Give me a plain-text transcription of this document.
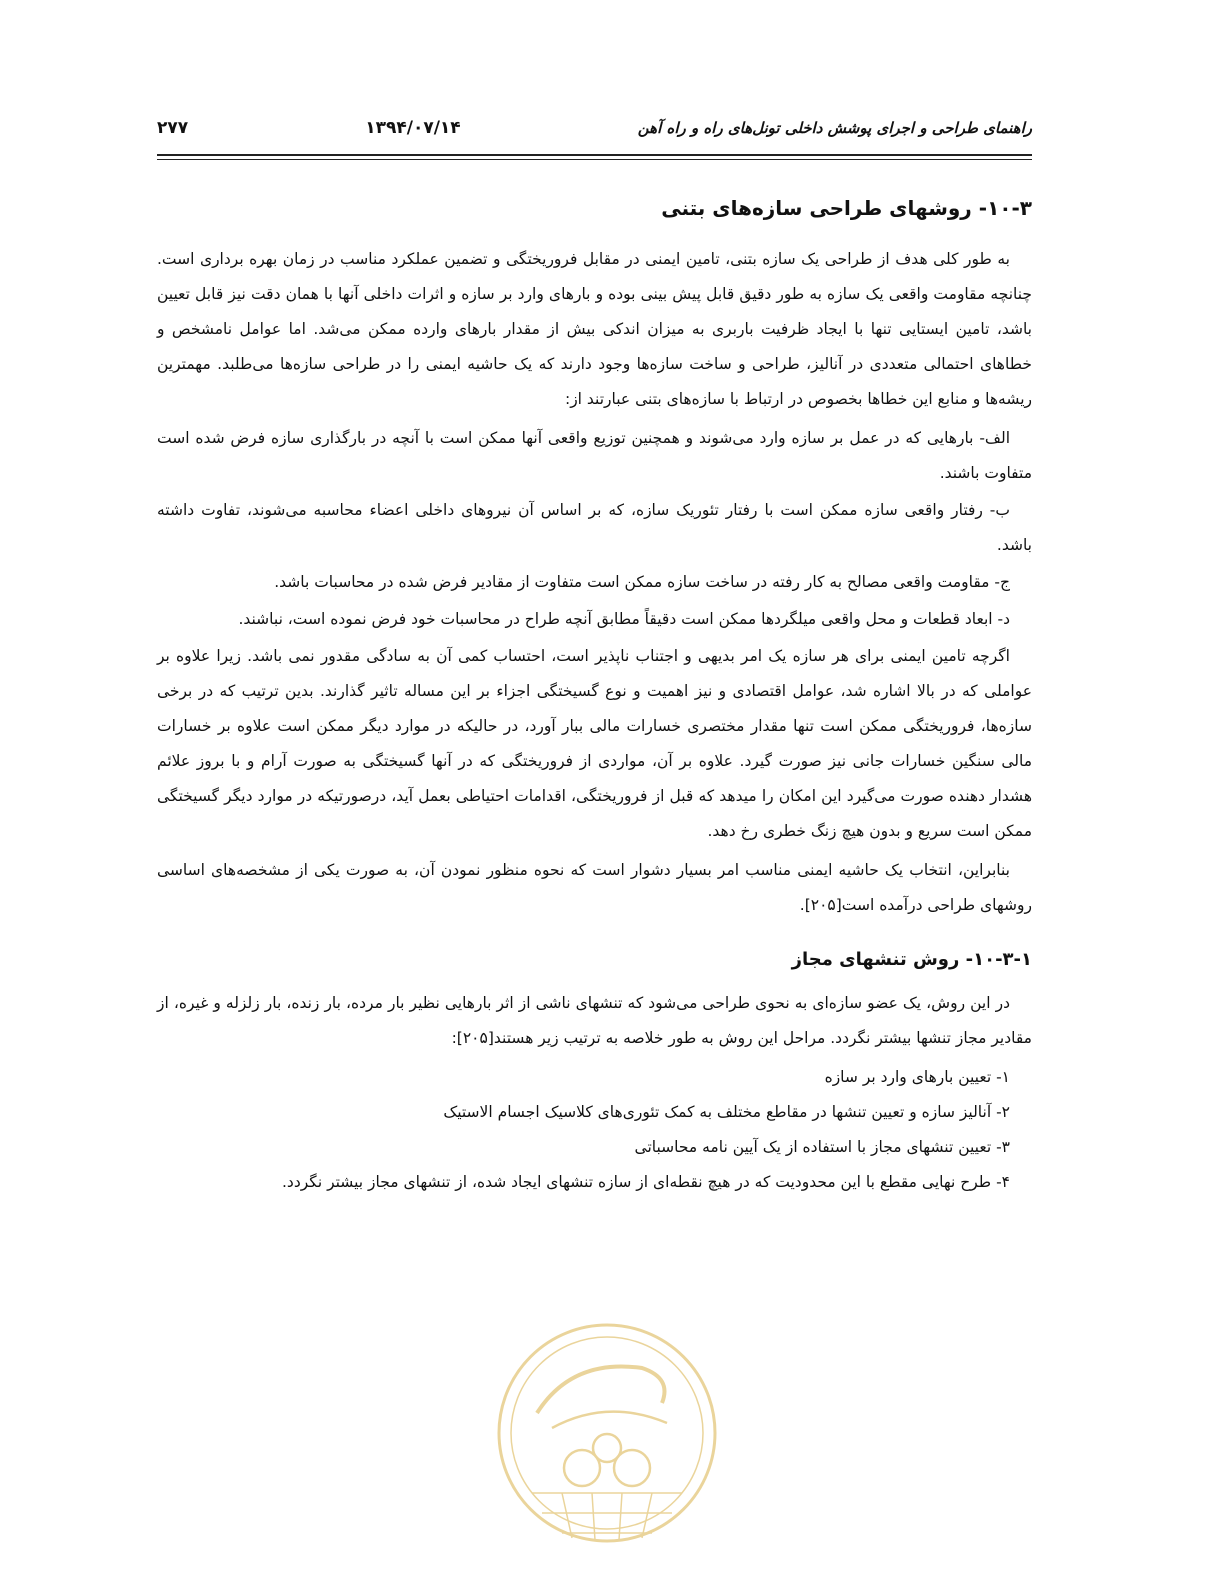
راهنمای طراحی و اجرای پوشش داخلی تونل‌های راه و راه آهن
۱۳۹۴/۰۷/۱۴
۲۷۷
۱۰-۳- روشهای طراحی سازه‌های بتنی

به طور کلی هدف از طراحی یک سازه بتنی، تامین ایمنی در مقابل فروریختگی و تضمین عملکرد مناسب در زمان بهره برداری است. چنانچه مقاومت واقعی یک سازه به طور دقیق قابل پیش بینی بوده و بارهای وارد بر سازه و اثرات داخلی آنها با همان دقت نیز قابل تعیین باشد، تامین ایستایی تنها با ایجاد ظرفیت باربری به میزان اندکی بیش از مقدار بارهای وارده ممکن می‌شد. اما عوامل نامشخص و خطاهای احتمالی متعددی در آنالیز، طراحی و ساخت سازه‌ها وجود دارند که یک حاشیه ایمنی را در طراحی سازه‌ها می‌طلبد. مهمترین ریشه‌ها و منابع این خطاها بخصوص در ارتباط با سازه‌های بتنی عبارتند از:

الف- بارهایی که در عمل بر سازه وارد می‌شوند و همچنین توزیع واقعی آنها ممکن است با آنچه در بارگذاری سازه فرض شده است متفاوت باشند.

ب- رفتار واقعی سازه ممکن است با رفتار تئوریک سازه، که بر اساس آن نیروهای داخلی اعضاء محاسبه می‌شوند، تفاوت داشته باشد.

ج- مقاومت واقعی مصالح به کار رفته در ساخت سازه ممکن است متفاوت از مقادیر فرض شده در محاسبات باشد.

د- ابعاد قطعات و محل واقعی میلگردها ممکن است دقیقاً مطابق آنچه طراح در محاسبات خود فرض نموده است، نباشند.

اگرچه تامین ایمنی برای هر سازه یک امر بدیهی و اجتناب ناپذیر است، احتساب کمی آن به سادگی مقدور نمی باشد. زیرا علاوه بر عواملی که در بالا اشاره شد، عوامل اقتصادی و نیز اهمیت و نوع گسیختگی اجزاء بر این مساله تاثیر گذارند. بدین ترتیب که در برخی سازه‌ها، فروریختگی ممکن است تنها مقدار مختصری خسارات مالی ببار آورد، در حالیکه در موارد دیگر ممکن است علاوه بر خسارات مالی سنگین خسارات جانی نیز صورت گیرد. علاوه بر آن، مواردی از فروریختگی که در آنها گسیختگی به صورت آرام و با بروز علائم هشدار دهنده صورت می‌گیرد این امکان را میدهد که قبل از فروریختگی، اقدامات احتیاطی بعمل آید، درصورتیکه در موارد دیگر گسیختگی ممکن است سریع و بدون هیچ زنگ خطری رخ دهد.

بنابراین، انتخاب یک حاشیه ایمنی مناسب امر بسیار دشوار است که نحوه منظور نمودن آن، به صورت یکی از مشخصه‌های اساسی روشهای طراحی درآمده است[۲۰۵].

۱۰-۳-۱- روش تنشهای مجاز

در این روش، یک عضو سازه‌ای به نحوی طراحی می‌شود که تنشهای ناشی از اثر بارهایی نظیر بار مرده، بار زنده، بار زلزله و غیره، از مقادیر مجاز تنشها بیشتر نگردد. مراحل این روش به طور خلاصه به ترتیب زیر هستند[۲۰۵]:

۱- تعیین بارهای وارد بر سازه

۲- آنالیز سازه و تعیین تنشها در مقاطع مختلف به کمک تئوری‌های کلاسیک اجسام الاستیک

۳- تعیین تنشهای مجاز با استفاده از یک آیین نامه محاسباتی

۴- طرح نهایی مقطع با این محدودیت که در هیچ نقطه‌ای از سازه تنشهای ایجاد شده، از تنشهای مجاز بیشتر نگردد.
